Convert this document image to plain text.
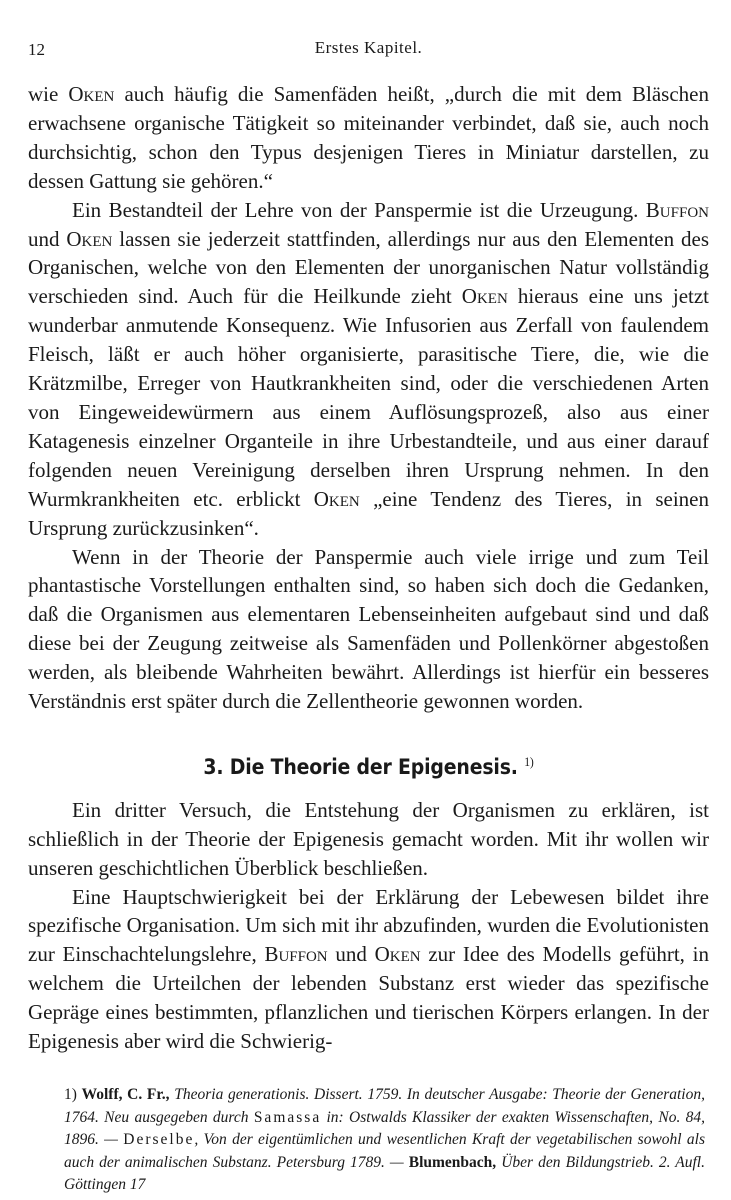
12	Erstes Kapitel.

wie Oken auch häufig die Samenfäden heißt, „durch die mit dem Bläschen erwachsene organische Tätigkeit so miteinander verbindet, daß sie, auch noch durchsichtig, schon den Typus desjenigen Tieres in Miniatur darstellen, zu dessen Gattung sie gehören.“

Ein Bestandteil der Lehre von der Panspermie ist die Urzeugung. Buffon und Oken lassen sie jederzeit stattfinden, allerdings nur aus den Elementen des Organischen, welche von den Elementen der unorganischen Natur vollständig verschieden sind. Auch für die Heilkunde zieht Oken hieraus eine uns jetzt wunderbar anmutende Konsequenz. Wie Infusorien aus Zerfall von faulendem Fleisch, läßt er auch höher organisierte, parasitische Tiere, die, wie die Krätzmilbe, Erreger von Hautkrankheiten sind, oder die verschiedenen Arten von Eingeweidewürmern aus einem Auflösungsprozeß, also aus einer Katagenesis einzelner Organteile in ihre Urbestandteile, und aus einer darauf folgenden neuen Vereinigung derselben ihren Ursprung nehmen. In den Wurmkrankheiten etc. erblickt Oken „eine Tendenz des Tieres, in seinen Ursprung zurückzusinken“.

Wenn in der Theorie der Panspermie auch viele irrige und zum Teil phantastische Vorstellungen enthalten sind, so haben sich doch die Gedanken, daß die Organismen aus elementaren Lebenseinheiten aufgebaut sind und daß diese bei der Zeugung zeitweise als Samenfäden und Pollenkörner abgestoßen werden, als bleibende Wahrheiten bewährt. Allerdings ist hierfür ein besseres Verständnis erst später durch die Zellentheorie gewonnen worden.

3. Die Theorie der Epigenesis. $^{1)}$

Ein dritter Versuch, die Entstehung der Organismen zu erklären, ist schließlich in der Theorie der Epigenesis gemacht worden. Mit ihr wollen wir unseren geschichtlichen Überblick beschließen.

Eine Hauptschwierigkeit bei der Erklärung der Lebewesen bildet ihre spezifische Organisation. Um sich mit ihr abzufinden, wurden die Evolutionisten zur Einschachtelungslehre, Buffon und Oken zur Idee des Modells geführt, in welchem die Urteilchen der lebenden Substanz erst wieder das spezifische Gepräge eines bestimmten, pflanzlichen und tierischen Körpers erlangen. In der Epigenesis aber wird die Schwierig-

1) Wolff, C. Fr., Theoria generationis. Dissert. 1759. In deutscher Ausgabe: Theorie der Generation, 1764. Neu ausgegeben durch Samassa in: Ostwalds Klassiker der exakten Wissenschaften, No. 84, 1896. — Derselbe, Von der eigentümlichen und wesentlichen Kraft der vegetabilischen sowohl als auch der animalischen Substanz. Petersburg 1789. — Blumenbach, Über den Bildungstrieb. 2. Aufl. Göttingen 17
